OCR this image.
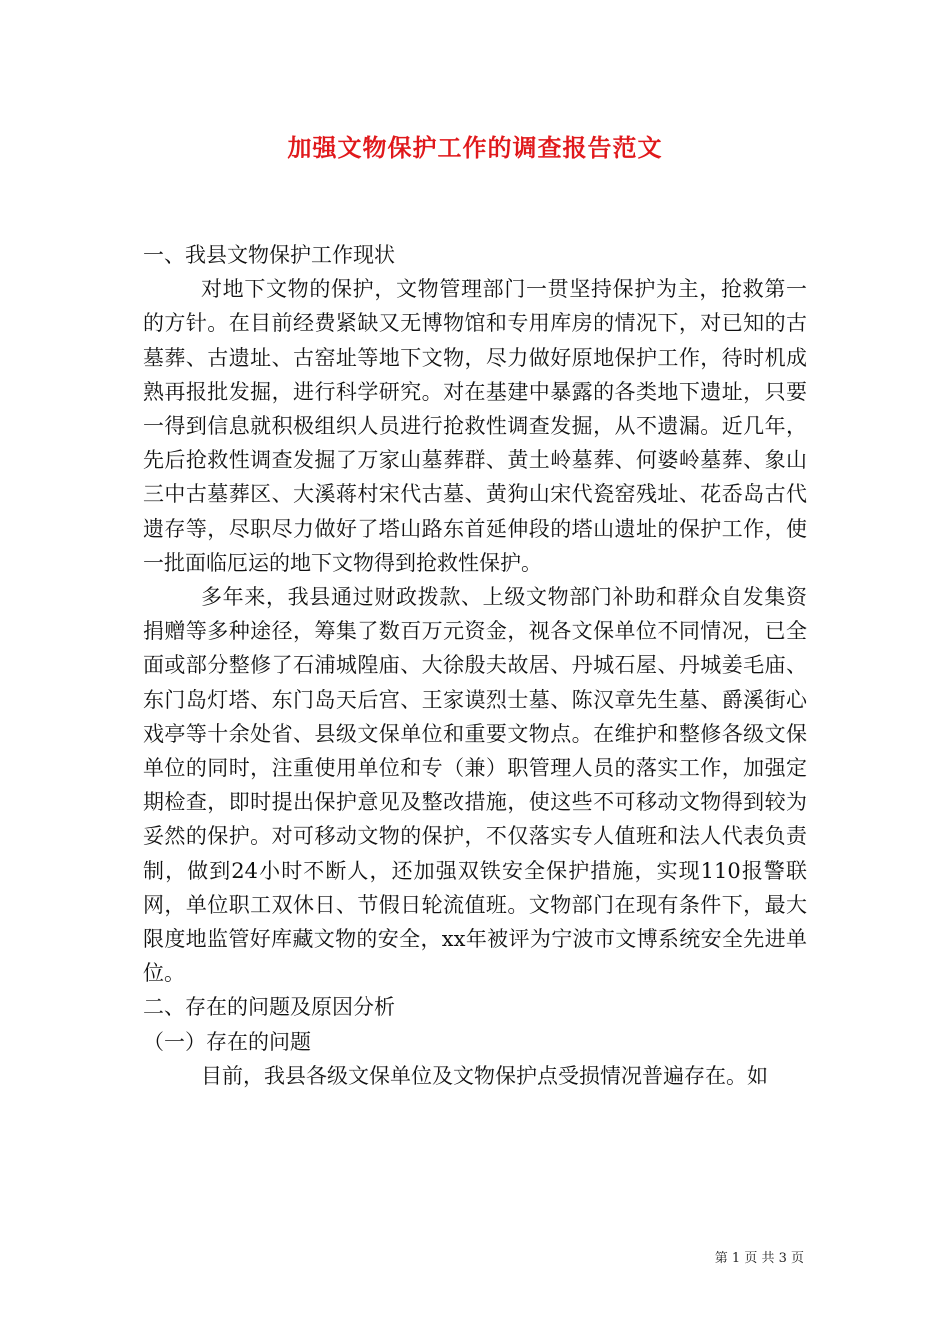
加强文物保护工作的调查报告范文

一、我县文物保护工作现状

对地下文物的保护，文物管理部门一贯坚持保护为主，抢救第一的方针。在目前经费紧缺又无博物馆和专用库房的情况下，对已知的古墓葬、古遗址、古窑址等地下文物，尽力做好原地保护工作，待时机成熟再报批发掘，进行科学研究。对在基建中暴露的各类地下遗址，只要一得到信息就积极组织人员进行抢救性调查发掘，从不遗漏。近几年，先后抢救性调查发掘了万家山墓葬群、黄土岭墓葬、何婆岭墓葬、象山三中古墓葬区、大溪蒋村宋代古墓、黄狗山宋代瓷窑残址、花岙岛古代遗存等，尽职尽力做好了塔山路东首延伸段的塔山遗址的保护工作，使一批面临厄运的地下文物得到抢救性保护。

多年来，我县通过财政拨款、上级文物部门补助和群众自发集资捐赠等多种途径，筹集了数百万元资金，视各文保单位不同情况，已全面或部分整修了石浦城隍庙、大徐殷夫故居、丹城石屋、丹城姜毛庙、东门岛灯塔、东门岛天后宫、王家谟烈士墓、陈汉章先生墓、爵溪街心戏亭等十余处省、县级文保单位和重要文物点。在维护和整修各级文保单位的同时，注重使用单位和专（兼）职管理人员的落实工作，加强定期检查，即时提出保护意见及整改措施，使这些不可移动文物得到较为妥然的保护。对可移动文物的保护，不仅落实专人值班和法人代表负责制，做到24小时不断人，还加强双铁安全保护措施，实现110报警联网，单位职工双休日、节假日轮流值班。文物部门在现有条件下，最大限度地监管好库藏文物的安全，xx年被评为宁波市文博系统安全先进单位。

二、存在的问题及原因分析

（一）存在的问题

目前，我县各级文保单位及文物保护点受损情况普遍存在。如

第 1 页 共 3 页
